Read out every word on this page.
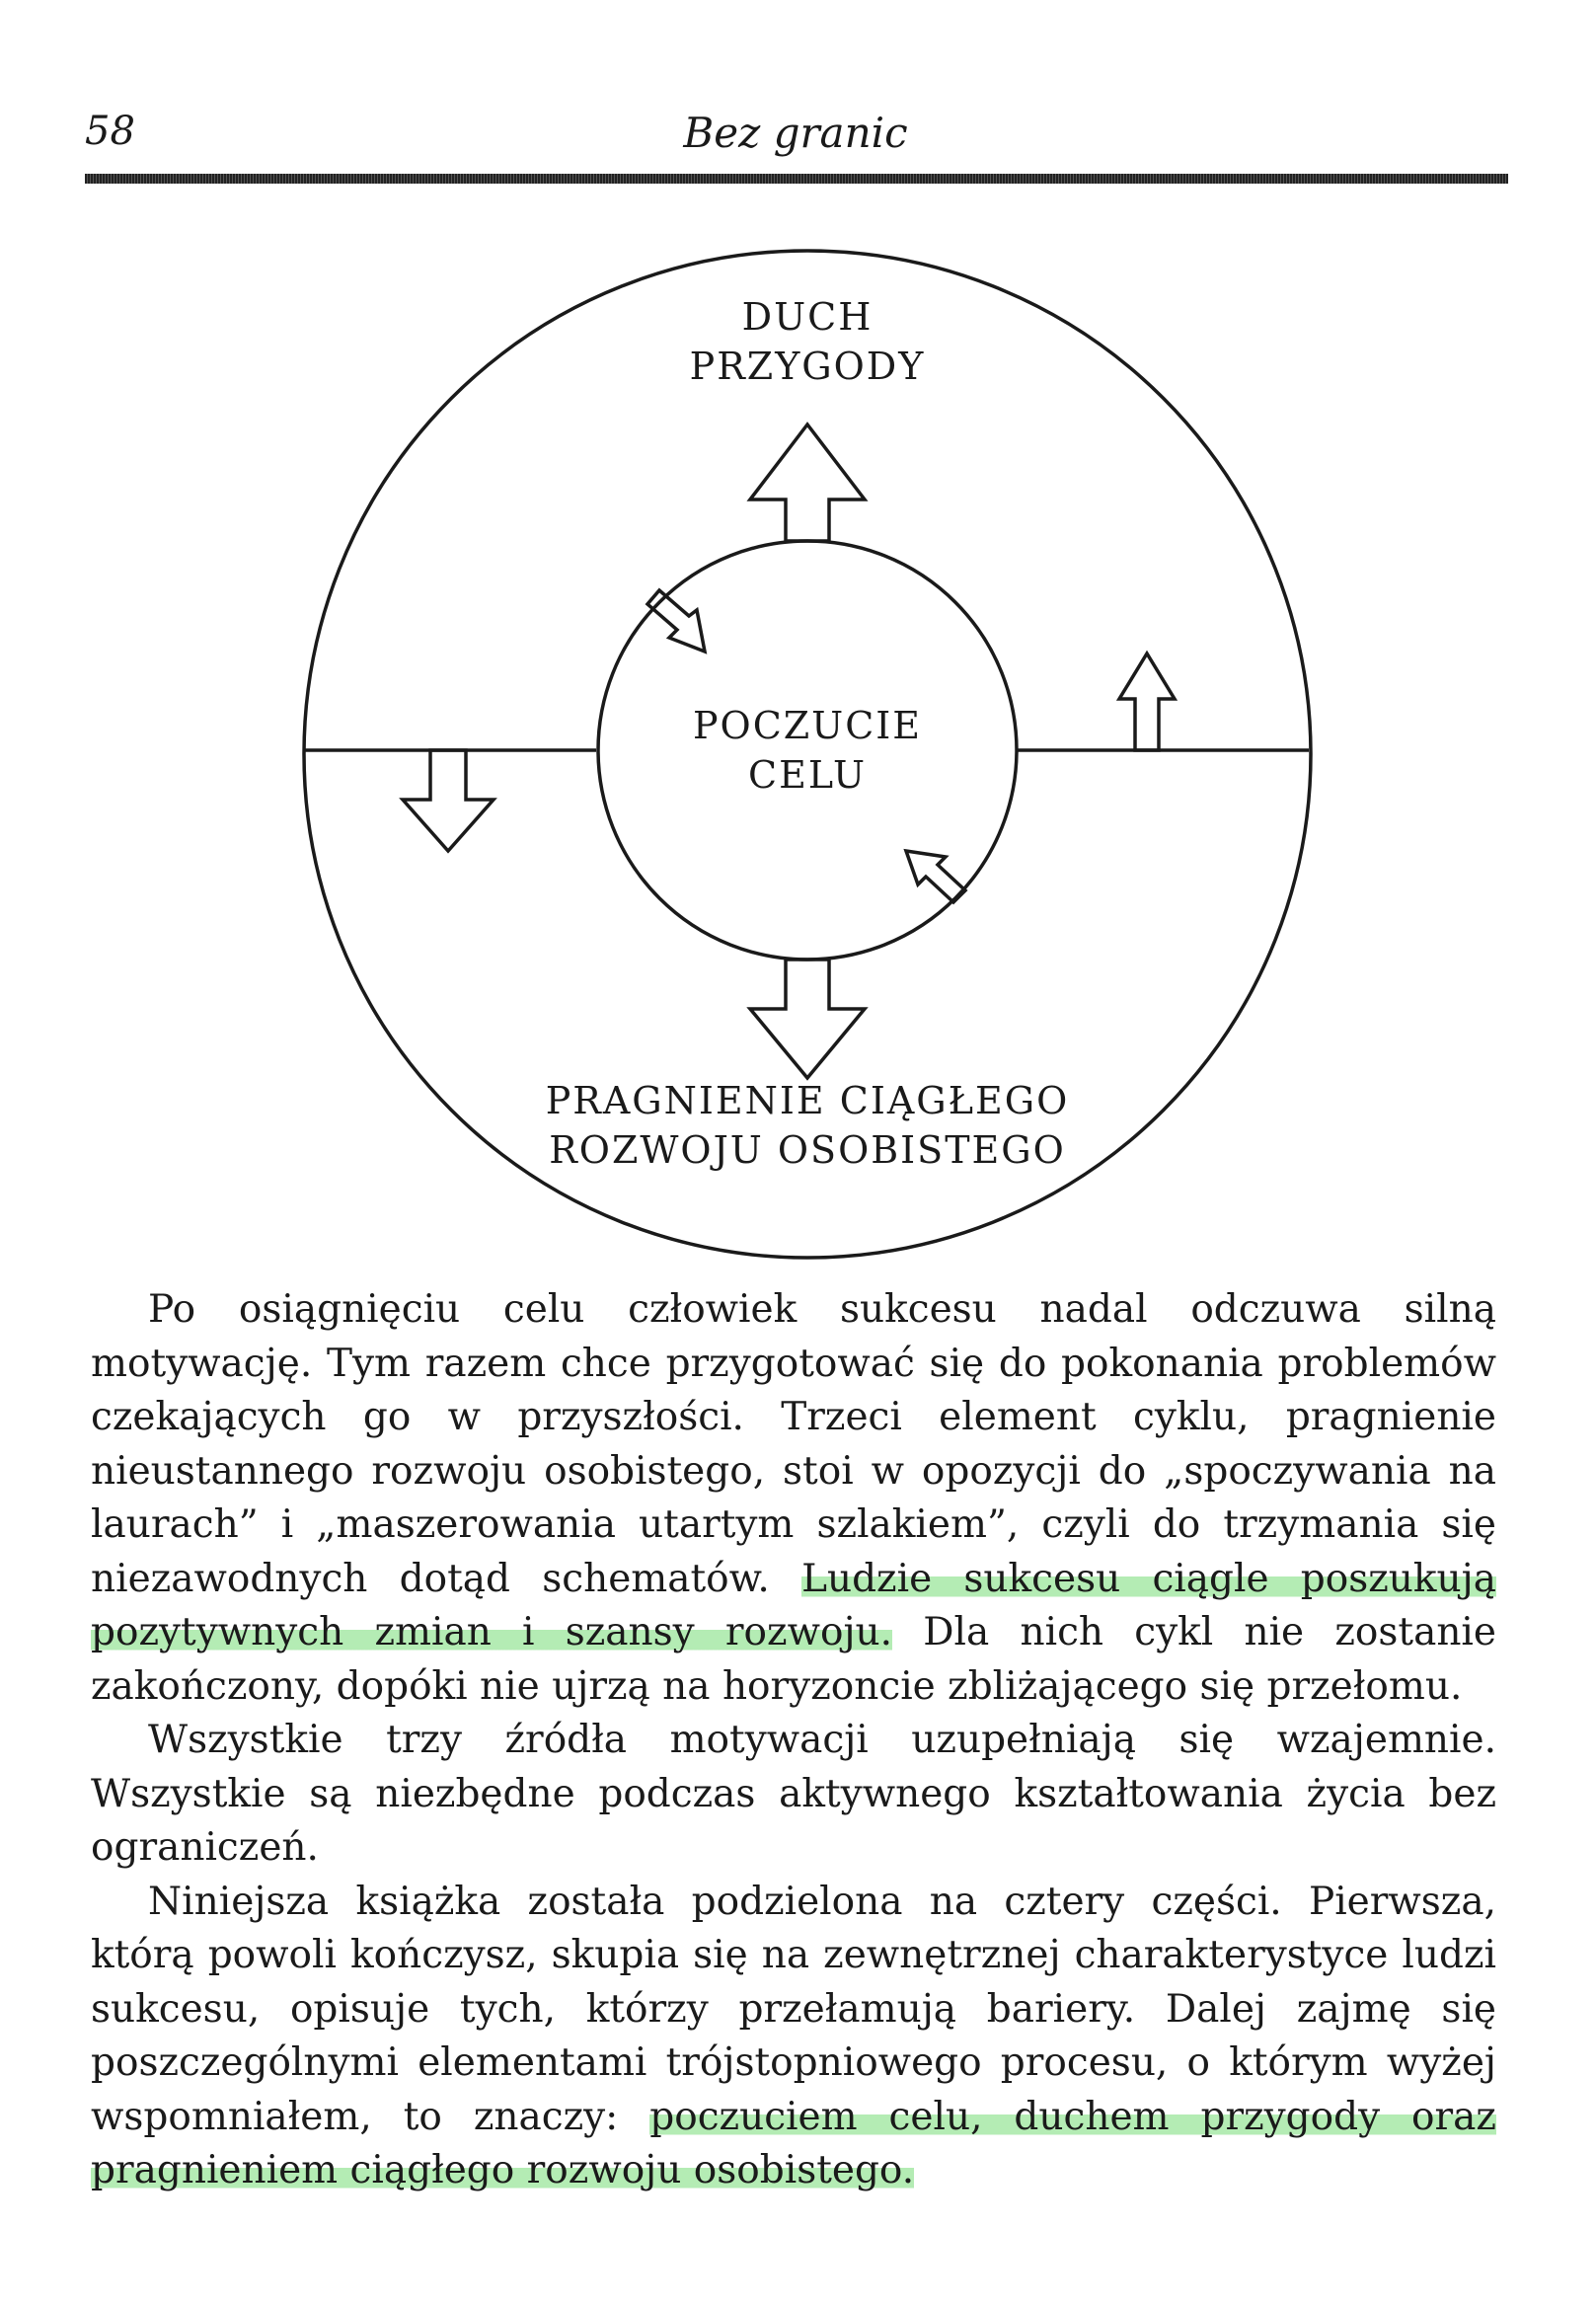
58	Bez granic
DUCH
PRZYGODY
POCZUCIE
CELU
PRAGNIENIE CIĄGŁEGO
ROZWOJU OSOBISTEGO

Po osiągnięciu celu człowiek sukcesu nadal odczuwa silną motywację. Tym razem chce przygotować się do pokonania problemów czekających go w przyszłości. Trzeci element cyklu, pragnienie nieustannego rozwoju osobistego, stoi w opozycji do „spoczywania na laurach” i „maszerowania utartym szlakiem”, czyli do trzymania się niezawodnych dotąd schematów. Ludzie sukcesu ciągle poszukują pozytywnych zmian i szansy rozwoju. Dla nich cykl nie zostanie zakończony, dopóki nie ujrzą na horyzoncie zbliżającego się przełomu.

Wszystkie trzy źródła motywacji uzupełniają się wzajemnie. Wszystkie są niezbędne podczas aktywnego kształtowania życia bez ograniczeń.

Niniejsza książka została podzielona na cztery części. Pierwsza, którą powoli kończysz, skupia się na zewnętrznej charakterystyce ludzi sukcesu, opisuje tych, którzy przełamują bariery. Dalej zajmę się poszczególnymi elementami trójstopniowego procesu, o którym wyżej wspomniałem, to znaczy: poczuciem celu, duchem przygody oraz pragnieniem ciągłego rozwoju osobistego.
